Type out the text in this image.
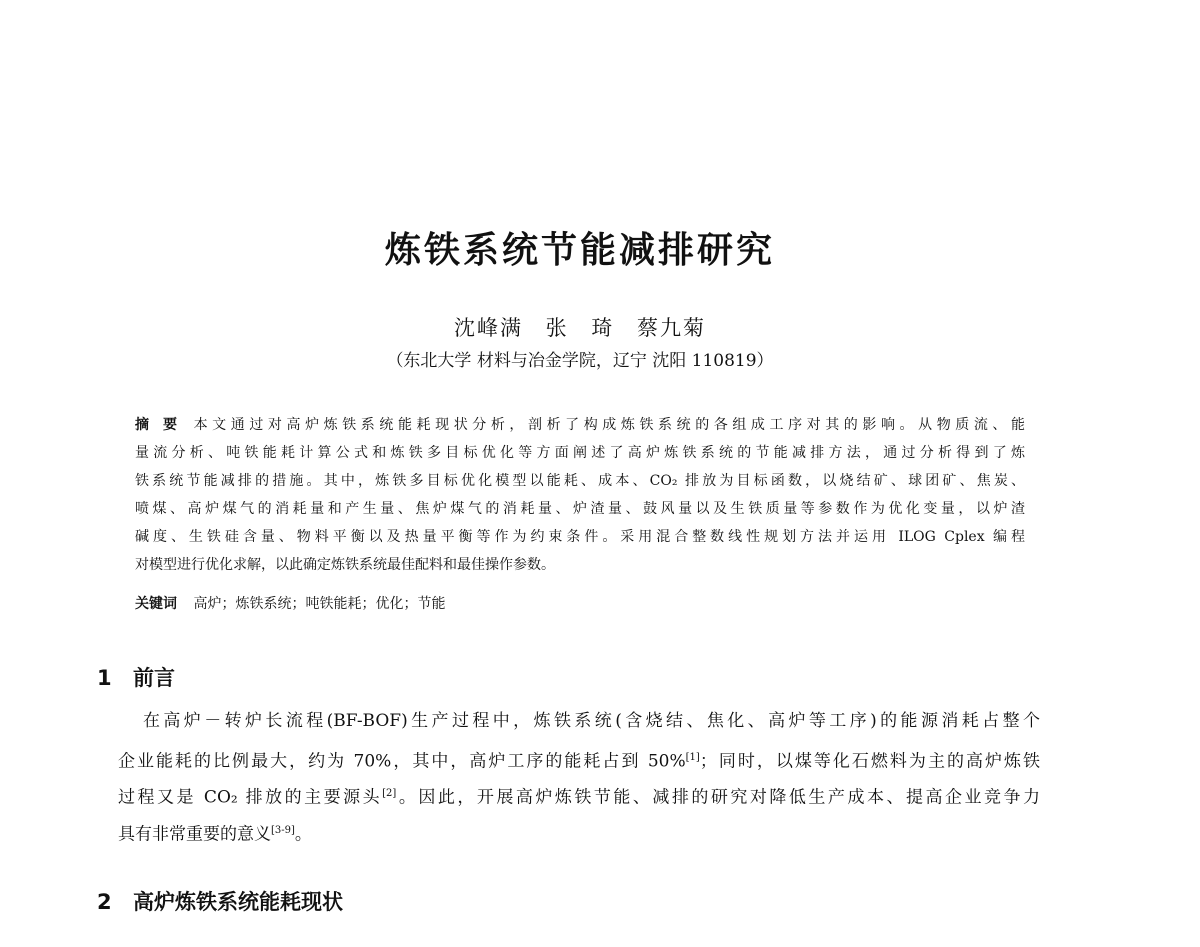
炼铁系统节能减排研究
沈峰满 张 琦 蔡九菊
（东北大学 材料与冶金学院，辽宁 沈阳 110819）
摘 要 本文通过对高炉炼铁系统能耗现状分析，剖析了构成炼铁系统的各组成工序对其的影响。从物质流、能
量流分析、吨铁能耗计算公式和炼铁多目标优化等方面阐述了高炉炼铁系统的节能减排方法，通过分析得到了炼
铁系统节能减排的措施。其中，炼铁多目标优化模型以能耗、成本、CO₂ 排放为目标函数，以烧结矿、球团矿、焦炭、
喷煤、高炉煤气的消耗量和产生量、焦炉煤气的消耗量、炉渣量、鼓风量以及生铁质量等参数作为优化变量，以炉渣
碱度、生铁硅含量、物料平衡以及热量平衡等作为约束条件。采用混合整数线性规划方法并运用 ILOG Cplex 编程
对模型进行优化求解，以此确定炼铁系统最佳配料和最佳操作参数。
关键词 高炉；炼铁系统；吨铁能耗；优化；节能
1 前言
在高炉－转炉长流程(BF-BOF)生产过程中，炼铁系统(含烧结、焦化、高炉等工序)的能源消耗占整个
企业能耗的比例最大，约为 70%，其中，高炉工序的能耗占到 50%[1]；同时，以煤等化石燃料为主的高炉炼铁
过程又是 CO₂ 排放的主要源头[2]。因此，开展高炉炼铁节能、减排的研究对降低生产成本、提高企业竞争力
具有非常重要的意义[3-9]。
2 高炉炼铁系统能耗现状
